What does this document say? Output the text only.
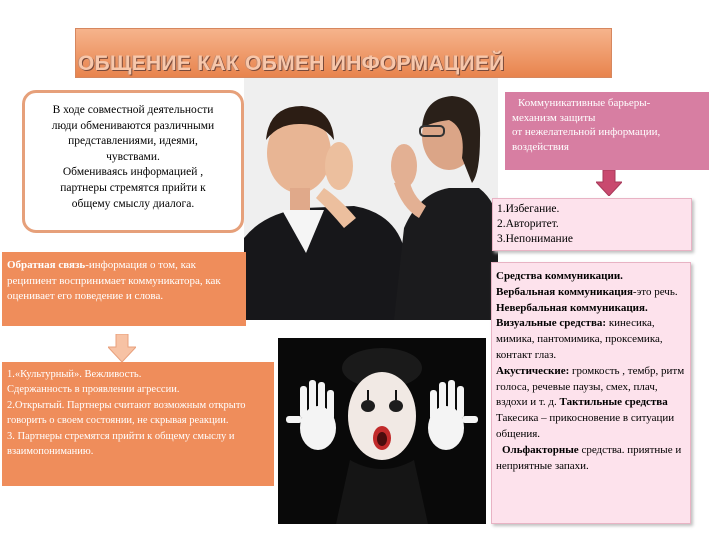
ОБЩЕНИЕ КАК ОБМЕН ИНФОРМАЦИЕЙ

В ходе совместной деятельности

люди обмениваются различными

представлениями, идеями,

чувствами.

Обмениваясь информацией ,

партнеры стремятся прийти к

общему смыслу диалога.

Коммуникативные барьеры-

механизм защиты

от нежелательной информации,

воздействия

1.Избегание.

2.Авторитет.

3.Непонимание

Обратная связь-информация о том, как реципиент воспринимает коммуникатора, как оценивает его поведение и слова.

1.«Культурный». Вежливость.

Сдержанность в проявлении агрессии.

2.Открытый. Партнеры считают возможным открыто говорить о своем состоянии, не скрывая реакции.

3. Партнеры стремятся прийти к общему смыслу и взаимопониманию.

Средства коммуникации.
Вербальная коммуникация-это речь.
Невербальная коммуникация.
Визуальные средства: кинесика, мимика, пантомимика, проксемика, контакт глаз.
Акустические: громкость , тембр, ритм голоса, речевые паузы, смех, плач, вздохи и т. д. Тактильные средства
Такесика – прикосновение в ситуации общения.
Ольфакторные средства. приятные и неприятные запахи.
